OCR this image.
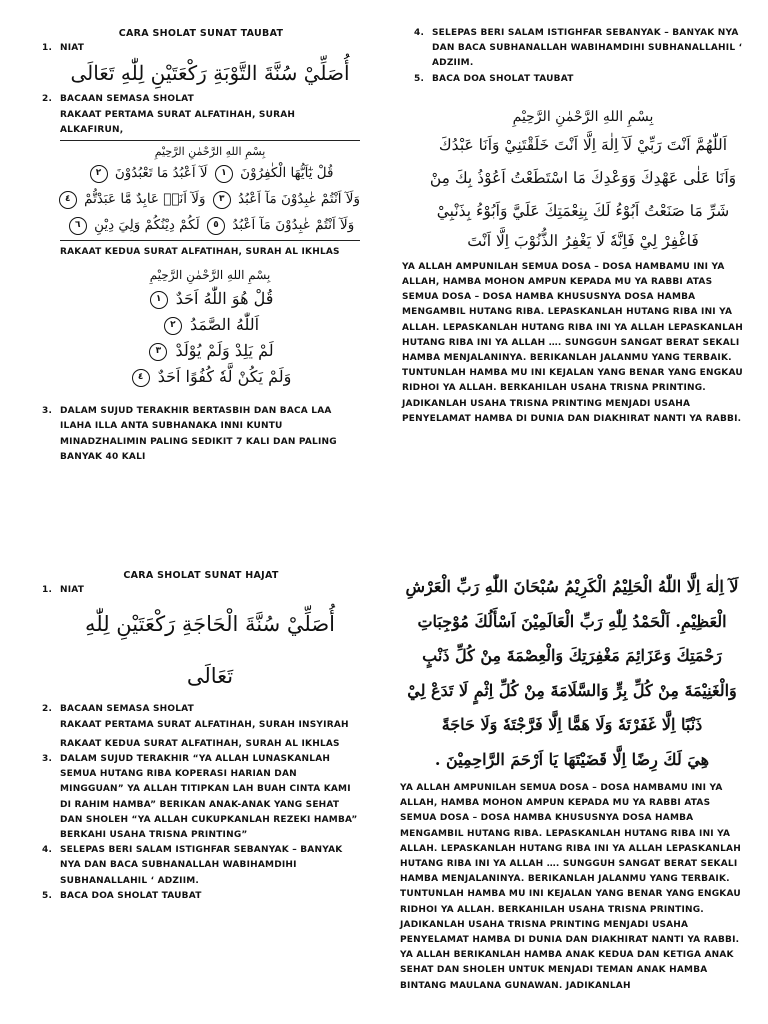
CARA SHOLAT SUNAT TAUBAT
1. NIAT
أُصَلِّيْ سُنَّةَ التَّوْبَةِ رَكْعَتَيْنِ لِلّٰهِ تَعَالَى
2. BACAAN SEMASA SHOLAT
RAKAAT PERTAMA SURAT ALFATIHAH, SURAH ALKAFIRUN,
بِسْمِ اللهِ الرَّحْمٰنِ الرَّحِيْمِ
قُلْ يٰٓاَيُّهَا الْكٰفِرُوْنَ ١ لَآ اَعْبُدُ مَا تَعْبُدُوْنَ ٢
وَلَآ اَنْتُمْ عٰبِدُوْنَ مَآ اَعْبُدُ ٣ وَلَآ اَنَا۠ عَابِدٌ مَّا عَبَدْتُّمْ ٤
وَلَآ اَنْتُمْ عٰبِدُوْنَ مَآ اَعْبُدُ ٥ لَكُمْ دِيْنُكُمْ وَلِيَ دِيْنِ ٦
RAKAAT KEDUA SURAT ALFATIHAH, SURAH AL IKHLAS
بِسْمِ اللهِ الرَّحْمٰنِ الرَّحِيْمِ
قُلْ هُوَ اللّٰهُ اَحَدٌ ١
اَللّٰهُ الصَّمَدُ ٢
لَمْ يَلِدْ وَلَمْ يُوْلَدْ ٣
وَلَمْ يَكُنْ لَّهٗ كُفُوًا اَحَدٌ ٤
3. DALAM SUJUD TERAKHIR BERTASBIH DAN BACA LAA ILAHA ILLA ANTA SUBHANAKA INNI KUNTU MINADZHALIMIN PALING SEDIKIT 7 KALI DAN PALING BANYAK 40 KALI
4. SELEPAS BERI SALAM ISTIGHFAR SEBANYAK – BANYAK NYA DAN BACA SUBHANALLAH WABIHAMDIHI SUBHANALLAHIL ‘ ADZIIM.
5. BACA DOA SHOLAT TAUBAT
بِسْمِ اللهِ الرَّحْمٰنِ الرَّحِيْمِ
اَللّٰهُمَّ اَنْتَ رَبِّيْ لَآ اِلٰهَ اِلَّا اَنْتَ خَلَقْتَنِيْ وَاَنَا عَبْدُكَ
وَاَنَا عَلٰى عَهْدِكَ وَوَعْدِكَ مَا اسْتَطَعْتُ اَعُوْذُ بِكَ مِنْ
شَرِّ مَا صَنَعْتُ اَبُوْءُ لَكَ بِنِعْمَتِكَ عَلَيَّ وَاَبُوْءُ بِذَنْبِيْ
فَاغْفِرْ لِيْ فَاِنَّهٗ لَا يَغْفِرُ الذُّنُوْبَ اِلَّا اَنْتَ
YA ALLAH AMPUNILAH SEMUA DOSA – DOSA HAMBAMU INI YA ALLAH, HAMBA MOHON AMPUN KEPADA MU YA RABBI ATAS SEMUA DOSA – DOSA HAMBA KHUSUSNYA DOSA HAMBA MENGAMBIL HUTANG RIBA. LEPASKANLAH HUTANG RIBA INI YA ALLAH. LEPASKANLAH HUTANG RIBA INI YA ALLAH LEPASKANLAH HUTANG RIBA INI YA ALLAH …. SUNGGUH SANGAT BERAT SEKALI HAMBA MENJALANINYA. BERIKANLAH JALANMU YANG TERBAIK. TUNTUNLAH HAMBA MU INI KEJALAN YANG BENAR YANG ENGKAU RIDHOI YA ALLAH. BERKAHILAH USAHA TRISNA PRINTING. JADIKANLAH USAHA TRISNA PRINTING MENJADI USAHA PENYELAMAT HAMBA DI DUNIA DAN DIAKHIRAT NANTI YA RABBI.
CARA SHOLAT SUNAT HAJAT
1. NIAT
أُصَلِّيْ سُنَّةَ الْحَاجَةِ رَكْعَتَيْنِ لِلّٰهِ تَعَالَى
2. BACAAN SEMASA SHOLAT
RAKAAT PERTAMA SURAT ALFATIHAH, SURAH INSYIRAH
RAKAAT KEDUA SURAT ALFATIHAH, SURAH AL IKHLAS
3. DALAM SUJUD TERAKHIR “YA ALLAH LUNASKANLAH SEMUA HUTANG RIBA KOPERASI HARIAN DAN MINGGUAN” YA ALLAH TITIPKAN LAH BUAH CINTA KAMI DI RAHIM HAMBA” BERIKAN ANAK-ANAK YANG SEHAT DAN SHOLEH “YA ALLAH CUKUPKANLAH REZEKI HAMBA” BERKAHI USAHA TRISNA PRINTING”
4. SELEPAS BERI SALAM ISTIGHFAR SEBANYAK – BANYAK NYA DAN BACA SUBHANALLAH WABIHAMDIHI SUBHANALLAHIL ‘ ADZIIM.
5. BACA DOA SHOLAT TAUBAT
لَآ اِلٰهَ اِلَّا اللّٰهُ الْحَلِيْمُ الْكَرِيْمُ سُبْحَانَ اللّٰهِ رَبِّ الْعَرْشِ
الْعَظِيْمِ. اَلْحَمْدُ لِلّٰهِ رَبِّ الْعَالَمِيْنَ اَسْأَلُكَ مُوْجِبَاتِ
رَحْمَتِكَ وَعَزَائِمَ مَغْفِرَتِكَ وَالْعِصْمَةَ مِنْ كُلِّ ذَنْبٍ
وَالْغَنِيْمَةَ مِنْ كُلِّ بِرٍّ وَالسَّلَامَةَ مِنْ كُلِّ اِثْمٍ لَا تَدَعْ لِيْ
ذَنْبًا اِلَّا غَفَرْتَهٗ وَلَا هَمًّا اِلَّا فَرَّجْتَهٗ وَلَا حَاجَةً
هِيَ لَكَ رِضًا اِلَّا قَضَيْتَهَا يَا اَرْحَمَ الرَّاحِمِيْنَ .
YA ALLAH AMPUNILAH SEMUA DOSA – DOSA HAMBAMU INI YA ALLAH, HAMBA MOHON AMPUN KEPADA MU YA RABBI ATAS SEMUA DOSA – DOSA HAMBA KHUSUSNYA DOSA HAMBA MENGAMBIL HUTANG RIBA. LEPASKANLAH HUTANG RIBA INI YA ALLAH. LEPASKANLAH HUTANG RIBA INI YA ALLAH LEPASKANLAH HUTANG RIBA INI YA ALLAH …. SUNGGUH SANGAT BERAT SEKALI HAMBA MENJALANINYA. BERIKANLAH JALANMU YANG TERBAIK. TUNTUNLAH HAMBA MU INI KEJALAN YANG BENAR YANG ENGKAU RIDHOI YA ALLAH. BERKAHILAH USAHA TRISNA PRINTING. JADIKANLAH USAHA TRISNA PRINTING MENJADI USAHA PENYELAMAT HAMBA DI DUNIA DAN DIAKHIRAT NANTI YA RABBI. YA ALLAH BERIKANLAH HAMBA ANAK KEDUA DAN KETIGA ANAK SEHAT DAN SHOLEH UNTUK MENJADI TEMAN ANAK HAMBA BINTANG MAULANA GUNAWAN. JADIKANLAH
